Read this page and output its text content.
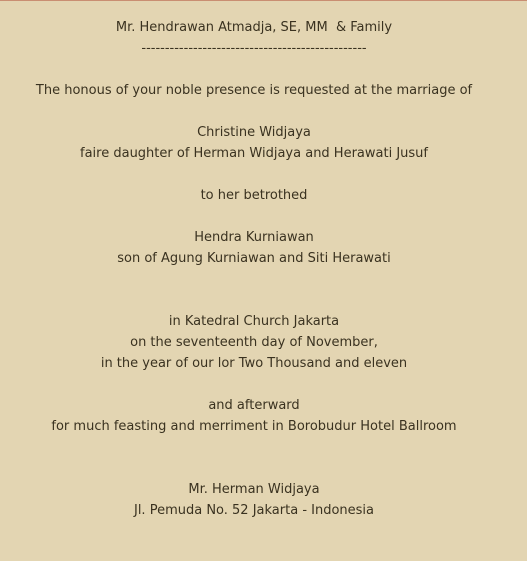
Mr. Hendrawan Atmadja, SE, MM  & Family
------------------------------------------------
The honous of your noble presence is requested at the marriage of
Christine Widjaya
faire daughter of Herman Widjaya and Herawati Jusuf
to her betrothed
Hendra Kurniawan
son of Agung Kurniawan and Siti Herawati
in Katedral Church Jakarta
on the seventeenth day of November,
in the year of our lor Two Thousand and eleven
and afterward
for much feasting and merriment in Borobudur Hotel Ballroom
Mr. Herman Widjaya
Jl. Pemuda No. 52 Jakarta - Indonesia
